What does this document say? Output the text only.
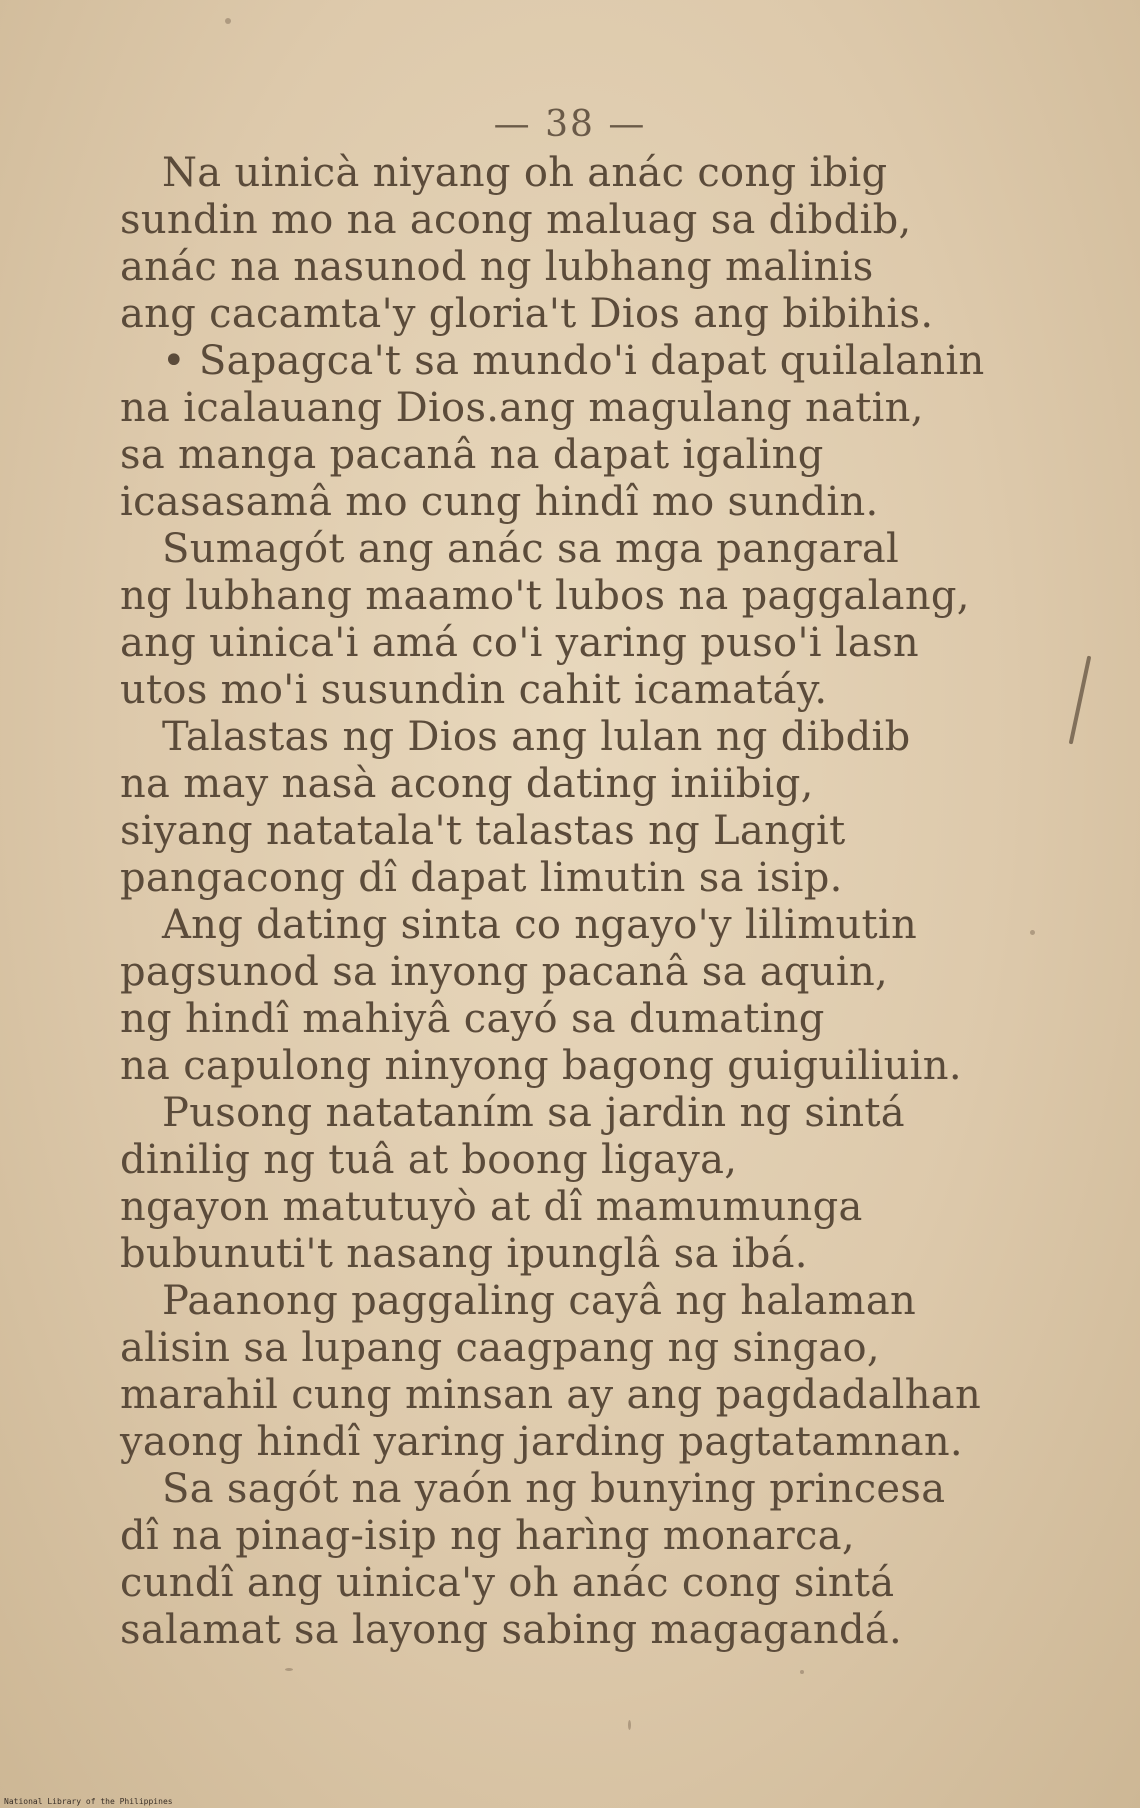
— 38 —
Na uinicà niyang oh anác cong ibig
sundin mo na acong maluag sa dibdib,
anác na nasunod ng lubhang malinis
ang cacamta'y gloria't Dios ang bibihis.
• Sapagca't sa mundo'i dapat quilalanin
na icalauang Dios.ang magulang natin,
sa manga pacanâ na dapat igaling
icasasamâ mo cung hindî mo sundin.
Sumagót ang anác sa mga pangaral
ng lubhang maamo't lubos na paggalang,
ang uinica'i amá co'i yaring puso'i lasn
utos mo'i susundin cahit icamatáy.
Talastas ng Dios ang lulan ng dibdib
na may nasà acong dating iniibig,
siyang natatala't talastas ng Langit
pangacong dî dapat limutin sa isip.
Ang dating sinta co ngayo'y lilimutin
pagsunod sa inyong pacanâ sa aquin,
ng hindî mahiyâ cayó sa dumating
na capulong ninyong bagong guiguiliuin.
Pusong natataním sa jardin ng sintá
dinilig ng tuâ at boong ligaya,
ngayon matutuyò at dî mamumunga
bubunuti't nasang ipunglâ sa ibá.
Paanong paggaling cayâ ng halaman
alisin sa lupang caagpang ng singao,
marahil cung minsan ay ang pagdadalhan
yaong hindî yaring jarding pagtatamnan.
Sa sagót na yaón ng bunying princesa
dî na pinag-isip ng harìng monarca,
cundî ang uinica'y oh anác cong sintá
salamat sa layong sabing magagandá.
National Library of the Philippines
